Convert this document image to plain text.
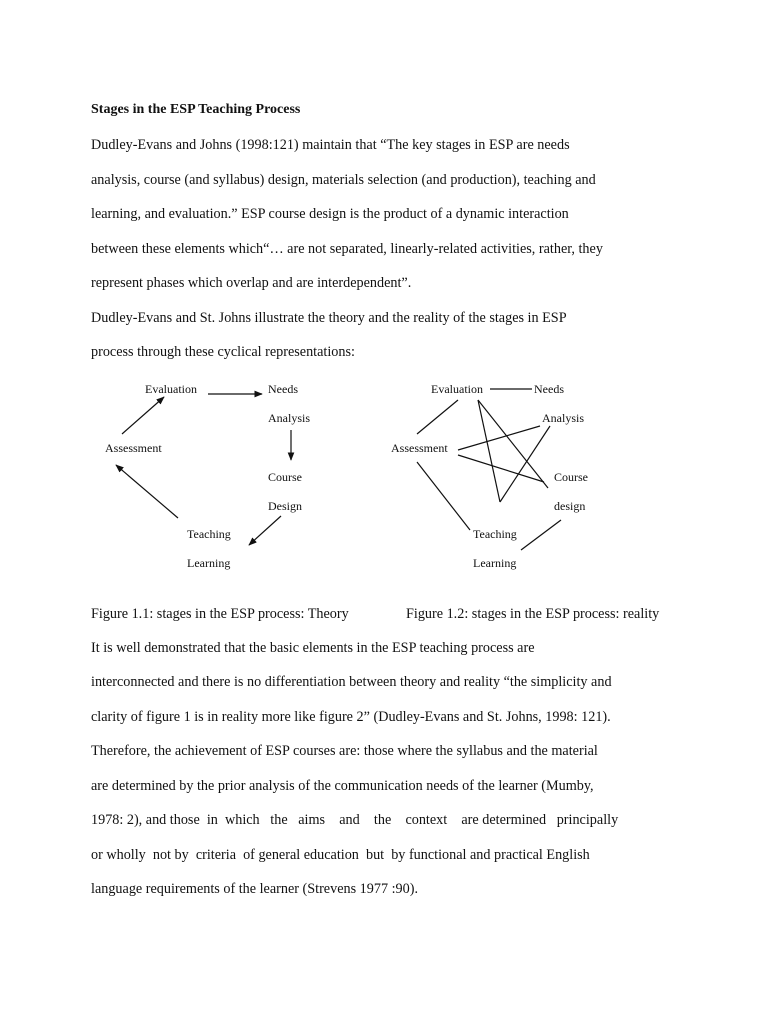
Stages in the ESP Teaching Process
Dudley-Evans and Johns (1998:121) maintain that “The key stages in ESP are needs
analysis, course (and syllabus) design, materials selection (and production), teaching and
learning, and evaluation.” ESP course design is the product of a dynamic interaction
between these elements which“… are not separated, linearly-related activities, rather, they
represent phases which overlap and are interdependent”.
Dudley-Evans and St. Johns illustrate the theory and the reality of the stages in ESP
process through these cyclical representations:
Evaluation	Needs
Analysis
Course
Design
Teaching
Learning
Assessment
Evaluation	Needs
Analysis
Course
design
Teaching
Learning
Assessment
Figure 1.1: stages in the ESP process: Theory	Figure 1.2: stages in the ESP process: reality
It is well demonstrated that the basic elements in the ESP teaching process are
interconnected and there is no differentiation between theory and reality “the simplicity and
clarity of figure 1 is in reality more like figure 2” (Dudley-Evans and St. Johns, 1998: 121).
Therefore, the achievement of ESP courses are: those where the syllabus and the material
are determined by the prior analysis of the communication needs of the learner (Mumby,
1978: 2), and those  in  which   the   aims    and    the    context    are determined   principally
or wholly  not by  criteria  of general education  but  by functional and practical English
language requirements of the learner (Strevens 1977 :90).
